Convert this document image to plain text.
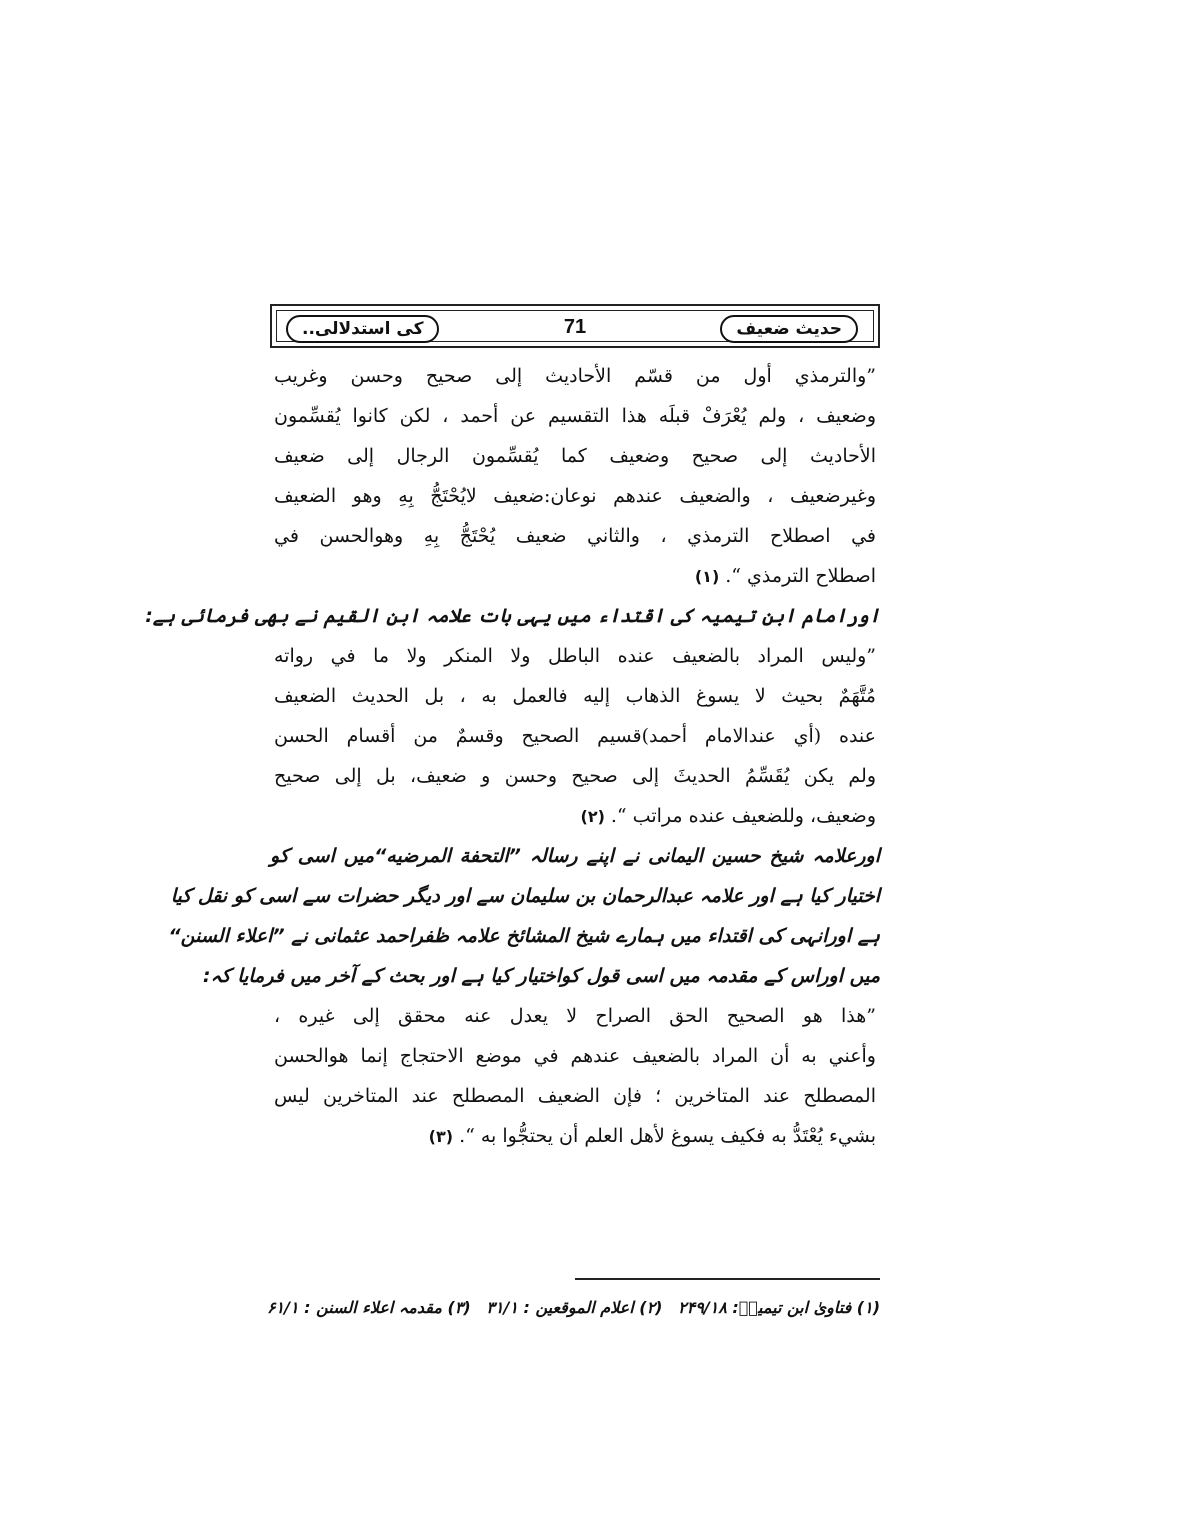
حديث ضعيف
71
كى استدلالى..
”والترمذي أول من قسّم الأحاديث إلى صحيح وحسن وغريب
وضعيف ، ولم يُعْرَفْ قبلَه هذا التقسيم عن أحمد ، لكن كانوا يُقسِّمون
الأحاديث إلى صحيح وضعيف كما يُقسِّمون الرجال إلى ضعيف
وغيرضعيف ، والضعيف عندهم نوعان:ضعيف لايُحْتَجُّ بِهِ وهو الضعيف
في اصطلاح الترمذي ، والثاني ضعيف يُحْتَجُّ بِهِ وهوالحسن في
اصطلاح الترمذي “.(۱)
اورامام ابن تیمیہ کی اقتداء میں یہی بات علامہ ابن القیم نے بھی فرمائی ہے:
”وليس المراد بالضعيف عنده الباطل ولا المنكر ولا ما في رواته
مُتَّهَمٌ بحيث لا يسوغ الذهاب إليه فالعمل به ، بل الحديث الضعيف
عنده (أي عندالامام أحمد)قسيم الصحيح وقسمٌ من أقسام الحسن
ولم يكن يُقَسِّمُ الحديثَ إلى صحيح وحسن و ضعيف، بل إلى صحيح
وضعيف، وللضعيف عنده مراتب “.(۲)
اورعلامہ شیخ حسین الیمانی نے اپنے رسالہ ”التحفة المرضیه“میں اسی کو
اختیار کیا ہے اور علامہ عبدالرحمان بن سلیمان سے اور دیگر حضرات سے اسی کو نقل کیا
ہے اورانہی کی اقتداء میں ہمارے شیخ المشائخ علامہ ظفراحمد عثمانی نے ”اعلاء السنن“
میں اوراس کے مقدمہ میں اسی قول کواختیار کیا ہے اور بحث کے آخر میں فرمایا کہ:
”هذا هو الصحيح الحق الصراح لا يعدل عنه محقق إلى غيره ،
وأعني به أن المراد بالضعيف عندهم في موضع الاحتجاج إنما هوالحسن
المصطلح عند المتاخرين ؛ فإن الضعيف المصطلح عند المتاخرين ليس
بشيء يُعْتَدُّ به فكيف يسوغ لأهل العلم أن يحتجُّوا به “.(۳)
(۱) فتاویٰ ابن تیمیہؒ: ۲۴۹/۱۸ (۲) اعلام الموقعین : ۳۱/۱ (۳) مقدمہ اعلاء السنن : ۶۱/۱
